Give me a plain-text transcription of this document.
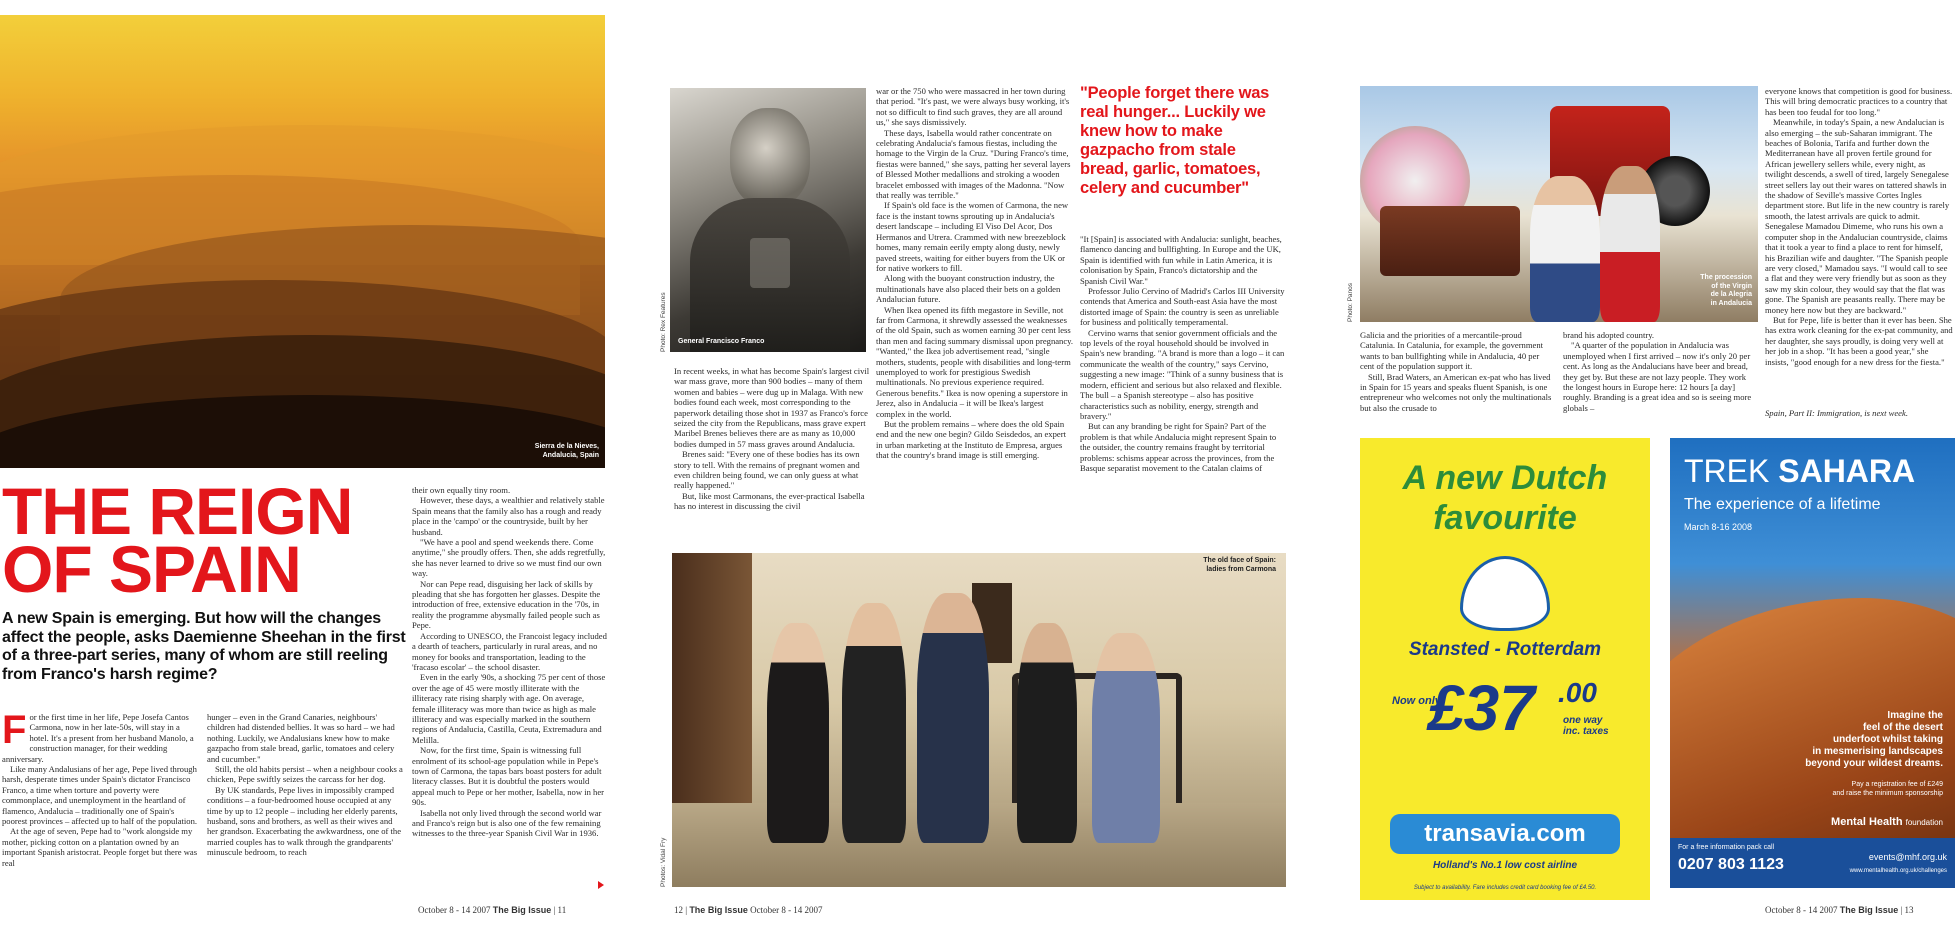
Sierra de la Nieves,
Andalucia, Spain
THE REIGN
OF SPAIN
A new Spain is emerging. But how will the changes affect the people, asks Daemienne Sheehan in the first of a three-part series, many of whom are still reeling from Franco's harsh regime?
F or the first time in her life, Pepe Josefa Cantos Carmona, now in her late-50s, will stay in a hotel. It's a present from her husband Manolo, a construction manager, for their wedding anniversary.

Like many Andalusians of her age, Pepe lived through harsh, desperate times under Spain's dictator Francisco Franco, a time when torture and poverty were commonplace, and unemployment in the heartland of flamenco, Andalucia – traditionally one of Spain's poorest provinces – affected up to half of the population.

At the age of seven, Pepe had to "work alongside my mother, picking cotton on a plantation owned by an important Spanish aristocrat. People forget but there was real

hunger – even in the Grand Canaries, neighbours' children had distended bellies. It was so hard – we had nothing. Luckily, we Andalusians knew how to make gazpacho from stale bread, garlic, tomatoes and celery and cucumber."

Still, the old habits persist – when a neighbour cooks a chicken, Pepe swiftly seizes the carcass for her dog.

By UK standards, Pepe lives in impossibly cramped conditions – a four-bedroomed house occupied at any time by up to 12 people – including her elderly parents, husband, sons and brothers, as well as their wives and her grandson. Exacerbating the awkwardness, one of the married couples has to walk through the grandparents' minuscule bedroom, to reach

their own equally tiny room.

However, these days, a wealthier and relatively stable Spain means that the family also has a rough and ready place in the 'campo' or the countryside, built by her husband.

"We have a pool and spend weekends there. Come anytime," she proudly offers. Then, she adds regretfully, she has never learned to drive so we must find our own way.

Nor can Pepe read, disguising her lack of skills by pleading that she has forgotten her glasses. Despite the introduction of free, extensive education in the '70s, in reality the programme abysmally failed people such as Pepe.

According to UNESCO, the Francoist legacy included a dearth of teachers, particularly in rural areas, and no money for books and transportation, leading to the 'fracaso escolar' – the school disaster.

Even in the early '90s, a shocking 75 per cent of those over the age of 45 were mostly illiterate with the illiteracy rate rising sharply with age. On average, female illiteracy was more than twice as high as male illiteracy and was especially marked in the southern regions of Andalucia, Castilla, Ceuta, Extremadura and Melilla.

Now, for the first time, Spain is witnessing full enrolment of its school-age population while in Pepe's town of Carmona, the tapas bars boast posters for adult literacy classes. But it is doubtful the posters would appeal much to Pepe or her mother, Isabella, now in her 90s.

Isabella not only lived through the second world war and Franco's reign but is also one of the few remaining witnesses to the three-year Spanish Civil War in 1936.

October 8 - 14 2007 The Big Issue | 11
General Francisco Franco
Photo: Rex Features

In recent weeks, in what has become Spain's largest civil war mass grave, more than 900 bodies – many of them women and babies – were dug up in Malaga. With new bodies found each week, most corresponding to the paperwork detailing those shot in 1937 as Franco's force seized the city from the Republicans, mass grave expert Maribel Brenes believes there are as many as 10,000 bodies dumped in 57 mass graves around Andalucia.

Brenes said: "Every one of these bodies has its own story to tell. With the remains of pregnant women and even children being found, we can only guess at what really happened."

But, like most Carmonans, the ever-practical Isabella has no interest in discussing the civil

war or the 750 who were massacred in her town during that period. "It's past, we were always busy working, it's not so difficult to find such graves, they are all around us," she says dismissively.

These days, Isabella would rather concentrate on celebrating Andalucia's famous fiestas, including the homage to the Virgin de la Cruz. "During Franco's time, fiestas were banned," she says, patting her several layers of Blessed Mother medallions and stroking a wooden bracelet embossed with images of the Madonna. "Now that really was terrible."

If Spain's old face is the women of Carmona, the new face is the instant towns sprouting up in Andalucia's desert landscape – including El Viso Del Acor, Dos Hermanos and Utrera. Crammed with new breezeblock homes, many remain eerily empty along dusty, newly paved streets, waiting for either buyers from the UK or for native workers to fill.

Along with the buoyant construction industry, the multinationals have also placed their bets on a golden Andalucian future.

When Ikea opened its fifth megastore in Seville, not far from Carmona, it shrewdly assessed the weaknesses of the old Spain, such as women earning 30 per cent less than men and facing summary dismissal upon pregnancy. "Wanted," the Ikea job advertisement read, "single mothers, students, people with disabilities and long-term unemployed to work for prestigious Swedish multinationals. No previous experience required. Generous benefits." Ikea is now opening a superstore in Jerez, also in Andalucia – it will be Ikea's largest complex in the world.

But the problem remains – where does the old Spain end and the new one begin? Gildo Seisdedos, an expert in urban marketing at the Instituto de Empresa, argues that the country's brand image is still emerging.

"People forget there was real hunger... Luckily we knew how to make gazpacho from stale bread, garlic, tomatoes, celery and cucumber"

"It [Spain] is associated with Andalucia: sunlight, beaches, flamenco dancing and bullfighting. In Europe and the UK, Spain is identified with fun while in Latin America, it is colonisation by Spain, Franco's dictatorship and the Spanish Civil War."

Professor Julio Cervino of Madrid's Carlos III University contends that America and South-east Asia have the most distorted image of Spain: the country is seen as unreliable for business and politically temperamental.

Cervino warns that senior government officials and the top levels of the royal household should be involved in Spain's new branding. "A brand is more than a logo – it can communicate the wealth of the country," says Cervino, suggesting a new image: "Think of a sunny business that is modern, efficient and serious but also relaxed and flexible. The bull – a Spanish stereotype – also has positive characteristics such as nobility, energy, strength and bravery."

But can any branding be right for Spain? Part of the problem is that while Andalucia might represent Spain to the outsider, the country remains fraught by territorial problems: schisms appear across the provinces, from the Basque separatist movement to the Catalan claims of

The old face of Spain:
ladies from Carmona
Photos: Vidal Fry
12 | The Big Issue October 8 - 14 2007
The procession
of the Virgin
de la Alegria
in Andalucia
Photo: Panos

Galicia and the priorities of a mercantile-proud Catalunia. In Catalunia, for example, the government wants to ban bullfighting while in Andalucia, 40 per cent of the population support it.

Still, Brad Waters, an American ex-pat who has lived in Spain for 15 years and speaks fluent Spanish, is one entrepreneur who welcomes not only the multinationals but also the crusade to

brand his adopted country.

"A quarter of the population in Andalucia was unemployed when I first arrived – now it's only 20 per cent. As long as the Andalucians have beer and bread, they get by. But these are not lazy people. They work the longest hours in Europe here: 12 hours [a day] roughly. Branding is a great idea and so is seeing more globals –

everyone knows that competition is good for business. This will bring democratic practices to a country that has been too feudal for too long."

Meanwhile, in today's Spain, a new Andalucian is also emerging – the sub-Saharan immigrant. The beaches of Bolonia, Tarifa and further down the Mediterranean have all proven fertile ground for African jewellery sellers while, every night, as twilight descends, a swell of tired, largely Senegalese street sellers lay out their wares on tattered shawls in the shadow of Seville's massive Cortes Ingles department store. But life in the new country is rarely smooth, the latest arrivals are quick to admit. Senegalese Mamadou Dimeme, who runs his own a computer shop in the Andalucian countryside, claims that it took a year to find a place to rent for himself, his Brazilian wife and daughter. "The Spanish people are very closed," Mamadou says. "I would call to see a flat and they were very friendly but as soon as they saw my skin colour, they would say that the flat was gone. The Spanish are peasants really. There may be money here now but they are backward."

But for Pepe, life is better than it ever has been. She has extra work cleaning for the ex-pat community, and her daughter, she says proudly, is doing very well at her job in a shop. "It has been a good year," she insists, "good enough for a new dress for the fiesta."

Spain, Part II: Immigration, is next week.
A new Dutch
favourite
Stansted - Rotterdam
Now only
£37 .00
one way
inc. taxes
transavia.com
Holland's No.1 low cost airline
Subject to availability. Fare includes credit card booking fee of £4.50.
TREK SAHARA
The experience of a lifetime
March 8-16 2008
Imagine the
feel of the desert
underfoot whilst taking
in mesmerising landscapes
beyond your wildest dreams.
Pay a registration fee of £249
and raise the minimum sponsorship
Mental Health foundation
For a free information pack call
0207 803 1123	events@mhf.org.uk
www.mentalhealth.org.uk/challenges
October 8 - 14 2007 The Big Issue | 13
